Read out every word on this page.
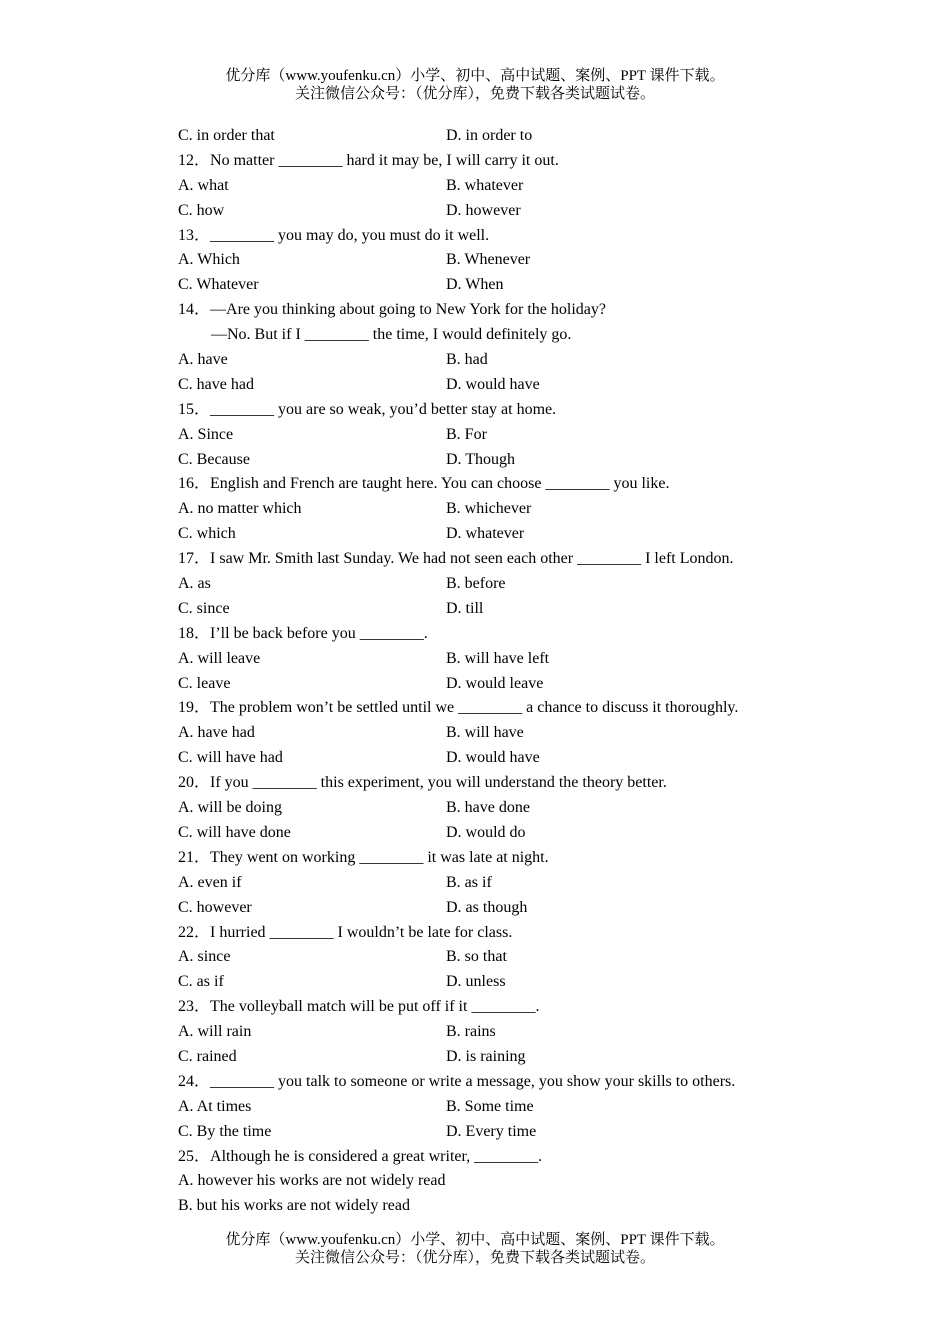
优分库（www.youfenku.cn）小学、初中、高中试题、案例、PPT 课件下载。
关注微信公众号：（优分库），免费下载各类试题试卷。
C. in order that	D. in order to
12．No matter ________ hard it may be, I will carry it out.
A. what	B. whatever
C. how	D. however
13．________ you may do, you must do it well.
A. Which	B. Whenever
C. Whatever	D. When
14．—Are you thinking about going to New York for the holiday?
—No. But if I ________ the time, I would definitely go.
A. have	B. had
C. have had	D. would have
15．________ you are so weak, you’d better stay at home.
A. Since	B. For
C. Because	D. Though
16．English and French are taught here. You can choose ________ you like.
A. no matter which	B. whichever
C. which	D. whatever
17．I saw Mr. Smith last Sunday. We had not seen each other ________ I left London.
A. as	B. before
C. since	D. till
18．I’ll be back before you ________.
A. will leave	B. will have left
C. leave	D. would leave
19．The problem won’t be settled until we ________ a chance to discuss it thoroughly.
A. have had	B. will have
C. will have had	D. would have
20．If you ________ this experiment, you will understand the theory better.
A. will be doing	B. have done
C. will have done	D. would do
21．They went on working ________ it was late at night.
A. even if	B. as if
C. however	D. as though
22．I hurried ________ I wouldn’t be late for class.
A. since	B. so that
C. as if	D. unless
23．The volleyball match will be put off if it ________.
A. will rain	B. rains
C. rained	D. is raining
24．________ you talk to someone or write a message, you show your skills to others.
A. At times	B. Some time
C. By the time	D. Every time
25．Although he is considered a great writer, ________.
A. however his works are not widely read
B. but his works are not widely read
优分库（www.youfenku.cn）小学、初中、高中试题、案例、PPT 课件下载。
关注微信公众号：（优分库），免费下载各类试题试卷。
